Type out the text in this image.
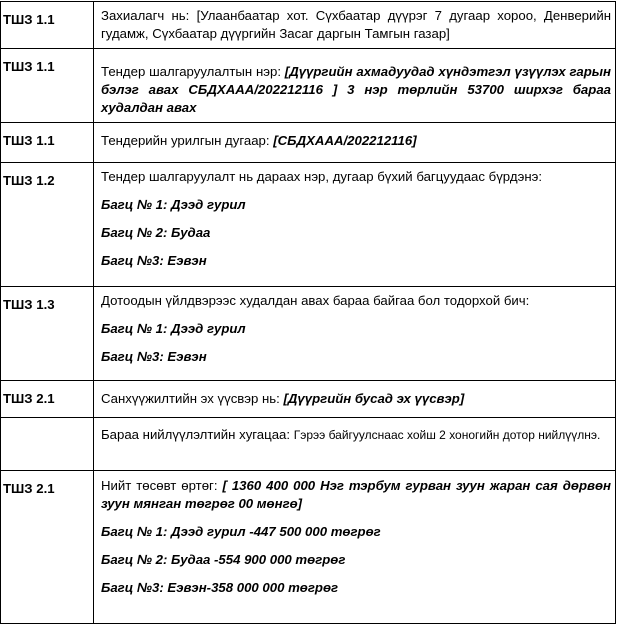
ТШЗ 1.1	Захиалагч нь: [Улаанбаатар хот. Сүхбаатар дүүрэг 7 дугаар хороо, Денверийн гудамж, Сүхбаатар дүүргийн Засаг даргын Тамгын газар]

ТШЗ 1.1	Тендер шалгаруулалтын нэр: [Дүүргийн ахмадуудад хүндэтгэл үзүүлэх гарын бэлэг авах СБДХААА/202212116 ] 3 нэр төрлийн 53700 ширхэг бараа худалдан авах

ТШЗ 1.1	Тендерийн урилгын дугаар: [СБДХААА/202212116]

ТШЗ 1.2	Тендер шалгаруулалт нь дараах нэр, дугаар бүхий багцуудаас бүрдэнэ:

Багц № 1: Дээд гурил
Багц № 2: Будаа
Багц №3: Еэвэн

ТШЗ 1.3	Дотоодын үйлдвэрээс худалдан авах бараа байгаа бол тодорхой бич:

Багц № 1: Дээд гурил
Багц №3: Еэвэн

ТШЗ 2.1	Санхүүжилтийн эх үүсвэр нь: [Дүүргийн бусад эх үүсвэр]

	Бараа нийлүүлэлтийн хугацаа: Гэрээ байгуулснаас хойш 2 хоногийн дотор нийлүүлнэ.

ТШЗ 2.1	Нийт төсөвт өртөг: [ 1360 400 000 Нэг тэрбум гурван зуун жаран сая дөрвөн зуун мянган төгрөг 00 мөнгө]

Багц № 1: Дээд гурил -447 500 000 төгрөг
Багц № 2: Будаа -554 900 000 төгрөг
Багц №3: Еэвэн-358 000 000 төгрөг
